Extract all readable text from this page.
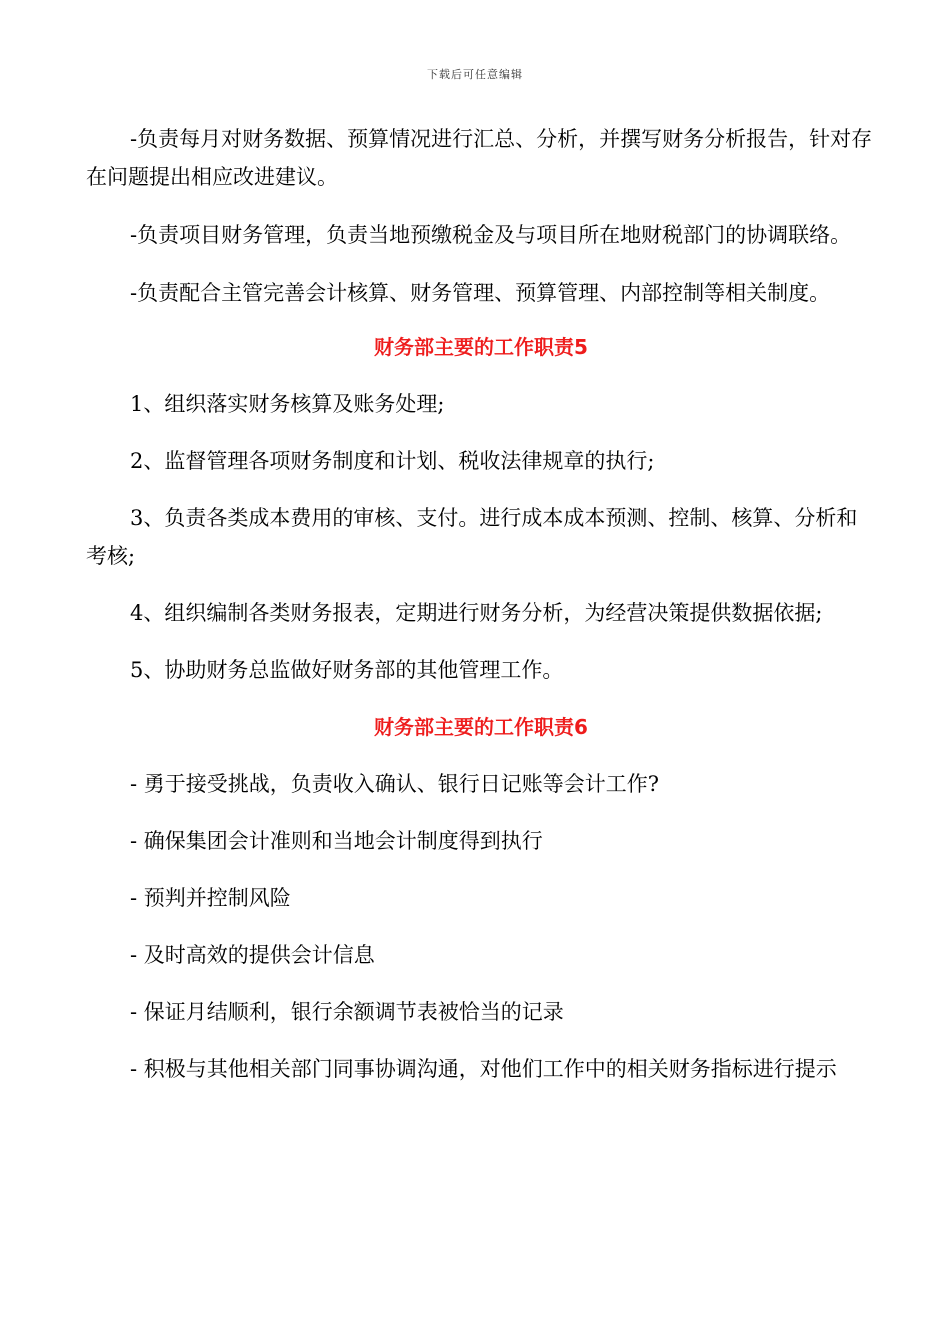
下载后可任意编辑

-负责每月对财务数据、预算情况进行汇总、分析，并撰写财务分析报告，针对存在问题提出相应改进建议。

-负责项目财务管理，负责当地预缴税金及与项目所在地财税部门的协调联络。

-负责配合主管完善会计核算、财务管理、预算管理、内部控制等相关制度。

财务部主要的工作职责5

1、组织落实财务核算及账务处理;

2、监督管理各项财务制度和计划、税收法律规章的执行;

3、负责各类成本费用的审核、支付。进行成本成本预测、控制、核算、分析和考核;

4、组织编制各类财务报表，定期进行财务分析，为经营决策提供数据依据;

5、协助财务总监做好财务部的其他管理工作。

财务部主要的工作职责6

- 勇于接受挑战，负责收入确认、银行日记账等会计工作?

- 确保集团会计准则和当地会计制度得到执行

- 预判并控制风险

- 及时高效的提供会计信息

- 保证月结顺利，银行余额调节表被恰当的记录

- 积极与其他相关部门同事协调沟通，对他们工作中的相关财务指标进行提示
